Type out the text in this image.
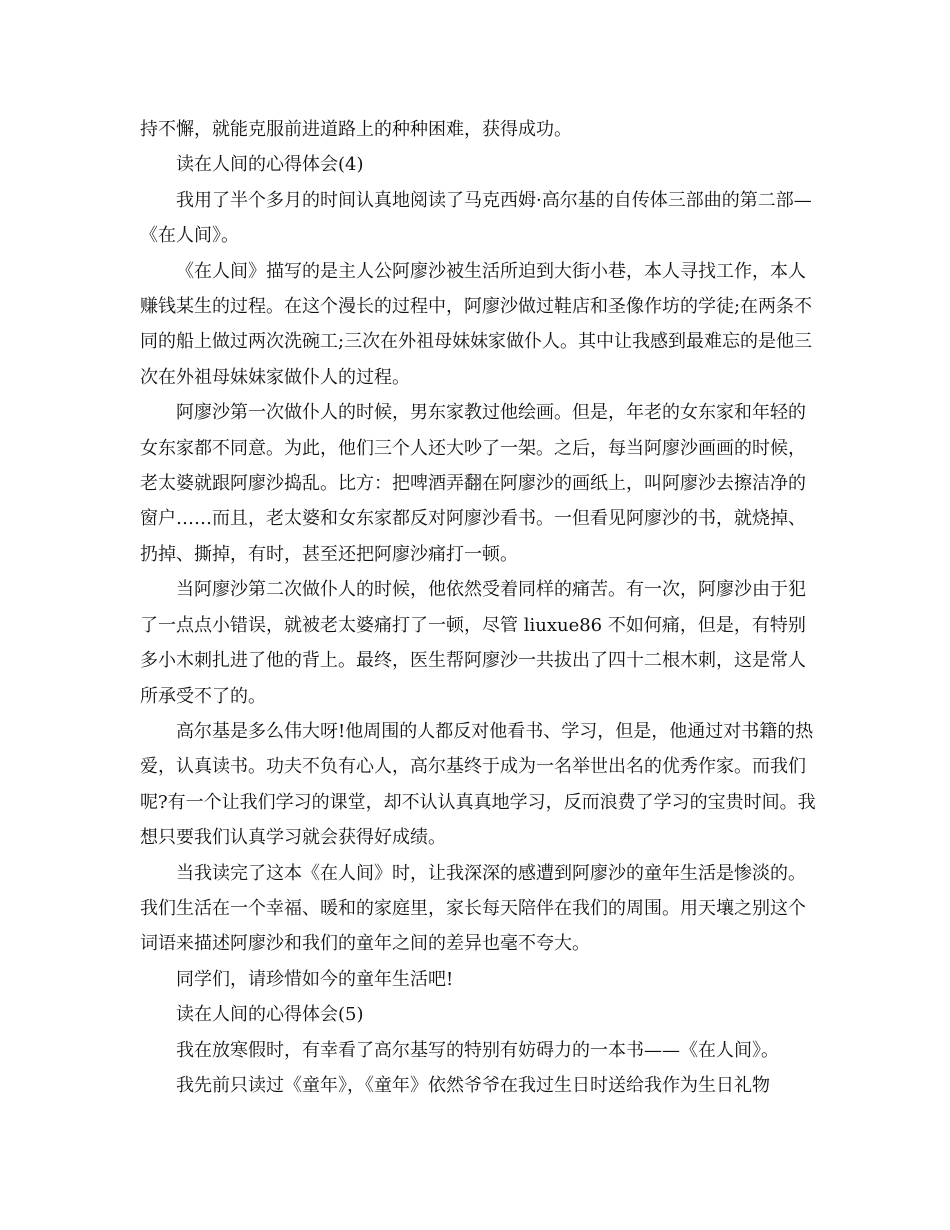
持不懈，就能克服前进道路上的种种困难，获得成功。

读在人间的心得体会(4)

我用了半个多月的时间认真地阅读了马克西姆·高尔基的自传体三部曲的第二部—《在人间》。

《在人间》描写的是主人公阿廖沙被生活所迫到大街小巷，本人寻找工作，本人赚钱某生的过程。在这个漫长的过程中，阿廖沙做过鞋店和圣像作坊的学徒;在两条不同的船上做过两次洗碗工;三次在外祖母妹妹家做仆人。其中让我感到最难忘的是他三次在外祖母妹妹家做仆人的过程。

阿廖沙第一次做仆人的时候，男东家教过他绘画。但是，年老的女东家和年轻的女东家都不同意。为此，他们三个人还大吵了一架。之后，每当阿廖沙画画的时候，老太婆就跟阿廖沙捣乱。比方：把啤酒弄翻在阿廖沙的画纸上，叫阿廖沙去擦洁净的窗户……而且，老太婆和女东家都反对阿廖沙看书。一但看见阿廖沙的书，就烧掉、扔掉、撕掉，有时，甚至还把阿廖沙痛打一顿。

当阿廖沙第二次做仆人的时候，他依然受着同样的痛苦。有一次，阿廖沙由于犯了一点点小错误，就被老太婆痛打了一顿，尽管 liuxue86 不如何痛，但是，有特别多小木刺扎进了他的背上。最终，医生帮阿廖沙一共拔出了四十二根木刺，这是常人所承受不了的。

高尔基是多么伟大呀!他周围的人都反对他看书、学习，但是，他通过对书籍的热爱，认真读书。功夫不负有心人，高尔基终于成为一名举世出名的优秀作家。而我们呢?有一个让我们学习的课堂，却不认认真真地学习，反而浪费了学习的宝贵时间。我想只要我们认真学习就会获得好成绩。

当我读完了这本《在人间》时，让我深深的感遭到阿廖沙的童年生活是惨淡的。我们生活在一个幸福、暖和的家庭里，家长每天陪伴在我们的周围。用天壤之别这个词语来描述阿廖沙和我们的童年之间的差异也毫不夸大。

同学们，请珍惜如今的童年生活吧!

读在人间的心得体会(5)

我在放寒假时，有幸看了高尔基写的特别有妨碍力的一本书——《在人间》。

我先前只读过《童年》，《童年》依然爷爷在我过生日时送给我作为生日礼物
